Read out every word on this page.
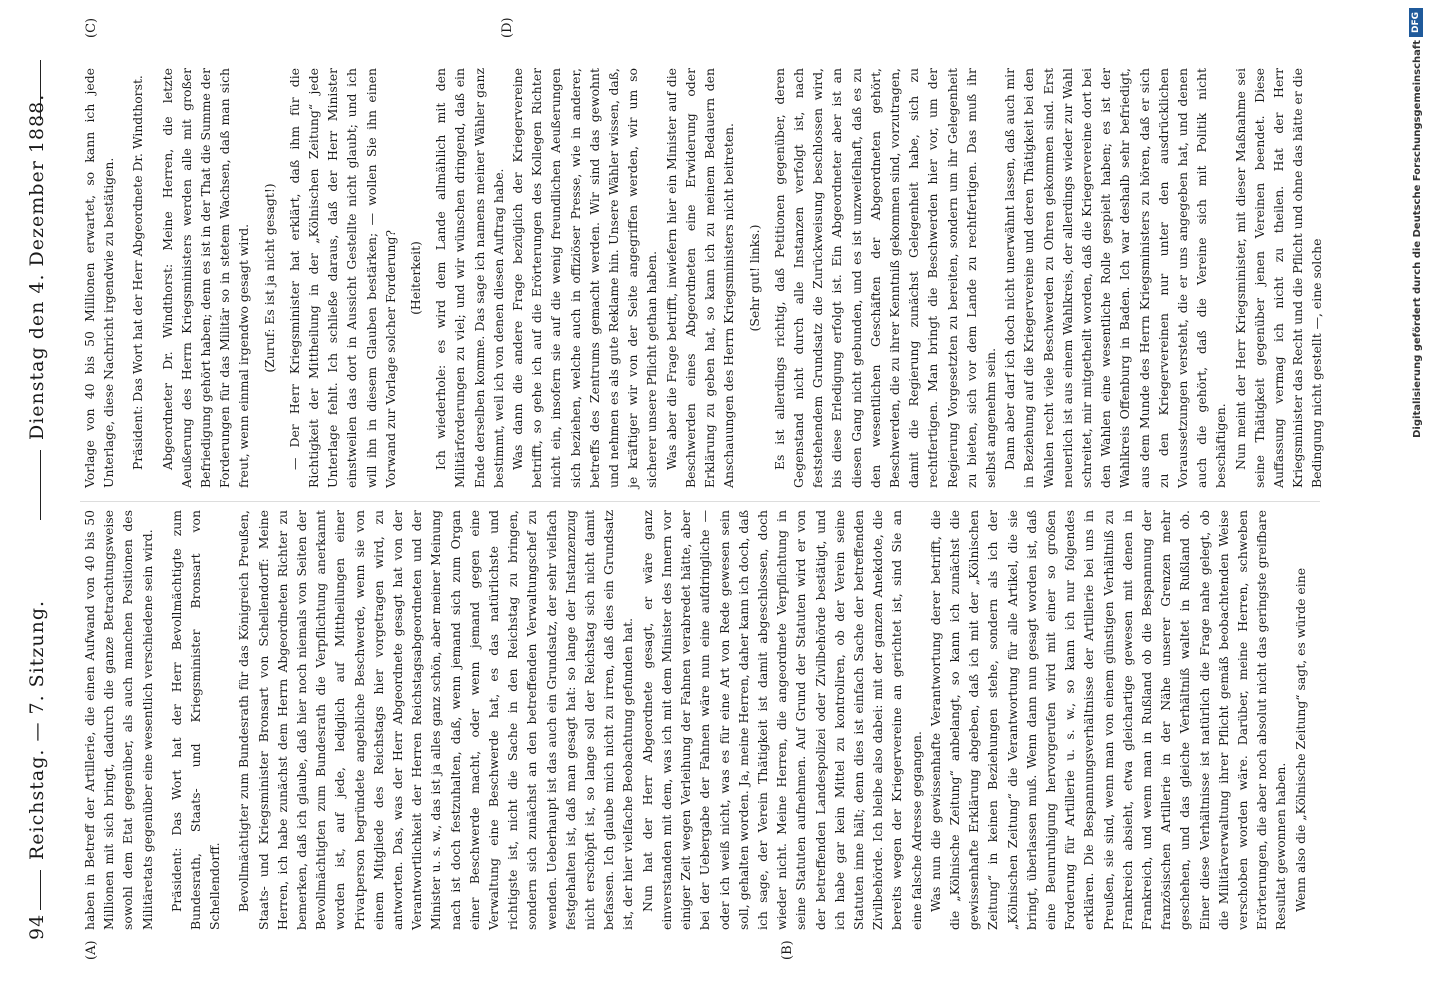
94
Reichstag. — 7. Sitzung.
Dienstag den 4. Dezember 1888.
(A)	(B)
(C)	(D)

haben in Betreff der Artillerie, die einen Aufwand von 40 bis 50 Millionen mit sich bringt, dadurch die ganze Betrachtungsweise sowohl dem Etat gegenüber, als auch manchen Positionen des Militäretats gegenüber eine wesentlich verschiedene sein wird. Präsident: Das Wort hat der Herr Bevollmächtigte zum Bundesrath, Staats- und Kriegsminister Bronsart von Schellendorff. Bevollmächtigter zum Bundesrath für das Königreich Preußen, Staats- und Kriegsminister Bronsart von Schellendorff: Meine Herren, ich habe zunächst dem Herrn Abgeordneten Richter zu bemerken, daß ich glaube, daß hier noch niemals von Seiten der Bevollmächtigten zum Bundesrath die Verpflichtung anerkannt worden ist, auf jede, lediglich auf Mittheilungen einer Privatperson begründete angebliche Beschwerde, wenn sie von einem Mitgliede des Reichstags hier vorgetragen wird, zu antworten. Das, was der Herr Abgeordnete gesagt hat von der Verantwortlichkeit der Herren Reichstagsabgeordneten und der Minister u. s. w., das ist ja alles ganz schön, aber meiner Meinung nach ist doch festzuhalten, daß, wenn jemand sich zum Organ einer Beschwerde macht, oder wenn jemand gegen eine Verwaltung eine Beschwerde hat, es das natürlichste und richtigste ist, nicht die Sache in den Reichstag zu bringen, sondern sich zunächst an den betreffenden Verwaltungschef zu wenden. Ueberhaupt ist das auch ein Grundsatz, der sehr vielfach festgehalten ist, daß man gesagt hat: so lange der Instanzenzug nicht erschöpft ist, so lange soll der Reichstag sich nicht damit befassen. Ich glaube mich nicht zu irren, daß dies ein Grundsatz ist, der hier vielfache Beobachtung gefunden hat. Nun hat der Herr Abgeordnete gesagt, er wäre ganz einverstanden mit dem, was ich mit dem Minister des Innern vor einiger Zeit wegen Verleihung der Fahnen verabredet hätte, aber bei der Uebergabe der Fahnen wäre nun eine aufdringliche — oder ich weiß nicht, was es für eine Art von Rede gewesen sein soll, gehalten worden. Ja, meine Herren, daher kann ich doch, daß ich sage, der Verein Thätigkeit ist damit abgeschlossen, doch wieder nicht. Meine Herren, die angeordnete Verpflichtung in seine Statuten aufnehmen. Auf Grund der Statuten wird er von der betreffenden Landespolizei oder Zivilbehörde bestätigt, und ich habe gar kein Mittel zu kontroliren, ob der Verein seine Statuten inne hält; denn dies ist einfach Sache der betreffenden Zivilbehörde. Ich bleibe also dabei: mit der ganzen Anekdote, die bereits wegen der Kriegervereine an gerichtet ist, sind Sie an eine falsche Adresse gegangen. Was nun die gewissenhafte Verantwortung derer betrifft, die die „Kölnische Zeitung“ anbelangt, so kann ich zunächst die gewissenhafte Erklärung abgeben, daß ich mit der „Kölnischen Zeitung“ in keinen Beziehungen stehe, sondern als ich der „Kölnischen Zeitung“ die Verantwortung für alle Artikel, die sie bringt, überlassen muß. Wenn dann nun gesagt worden ist, daß eine Beunruhigung hervorgerufen wird mit einer so großen Forderung für Artillerie u. s. w., so kann ich nur folgendes erklären. Die Bespannungsverhältnisse der Artillerie bei uns in Preußen, sie sind, wenn man von einem günstigen Verhältniß zu Frankreich absieht, etwa gleichartige gewesen mit denen in Frankreich, und wenn man in Rußland ob die Bespannung der französischen Artillerie in der Nähe unserer Grenzen mehr geschehen, und das gleiche Verhältniß waltet in Rußland ob. Einer diese Verhältnisse ist natürlich die Frage nahe gelegt, ob die Militärverwaltung ihrer Pflicht gemäß beobachtenden Weise verschoben worden wäre. Darüber, meine Herren, schweben Erörterungen, die aber noch absolut nicht das geringste greifbare Resultat gewonnen haben. Wenn also die „Kölnische Zeitung“ sagt, es würde eine

Vorlage von 40 bis 50 Millionen erwartet, so kann ich jede Unterlage, diese Nachricht irgendwie zu bestätigen. Präsident: Das Wort hat der Herr Abgeordnete Dr. Windthorst. Abgeordneter Dr. Windthorst: Meine Herren, die letzte Aeußerung des Herrn Kriegsministers werden alle mit großer Befriedigung gehört haben; denn es ist in der That die Summe der Forderungen für das Militär so in stetem Wachsen, daß man sich freut, wenn einmal irgendwo gesagt wird. (Zuruf: Es ist ja nicht gesagt!) — Der Herr Kriegsminister hat erklärt, daß ihm für die Richtigkeit der Mittheilung in der „Kölnischen Zeitung“ jede Unterlage fehlt. Ich schließe daraus, daß der Herr Minister einstweilen das dort in Aussicht Gestellte nicht glaubt; und ich will ihn in diesem Glauben bestärken; — wollen Sie ihn einen Vorwand zur Vorlage solcher Forderung? (Heiterkeit) Ich wiederhole: es wird dem Lande allmählich mit den Militärforderungen zu viel; und wir wünschen dringend, daß ein Ende derselben komme. Das sage ich namens meiner Wähler ganz bestimmt, weil ich von denen diesen Auftrag habe. Was dann die andere Frage bezüglich der Kriegervereine betrifft, so gehe ich auf die Erörterungen des Kollegen Richter nicht ein, insofern sie auf die wenig freundlichen Aeußerungen sich beziehen, welche auch in offiziöser Presse, wie in anderer, betreffs des Zentrums gemacht werden. Wir sind das gewohnt und nehmen es als gute Reklame hin. Unsere Wähler wissen, daß, je kräftiger wir von der Seite angegriffen werden, wir um so sicherer unsere Pflicht gethan haben. Was aber die Frage betrifft, inwiefern hier ein Minister auf die Beschwerden eines Abgeordneten eine Erwiderung oder Erklärung zu geben hat, so kann ich zu meinem Bedauern den Anschauungen des Herrn Kriegsministers nicht beitreten. (Sehr gut! links.) Es ist allerdings richtig, daß Petitionen gegenüber, deren Gegenstand nicht durch alle Instanzen verfolgt ist, nach feststehendem Grundsatz die Zurückweisung beschlossen wird, bis diese Erledigung erfolgt ist. Ein Abgeordneter aber ist an diesen Gang nicht gebunden, und es ist unzweifelhaft, daß es zu den wesentlichen Geschäften der Abgeordneten gehört, Beschwerden, die zu ihrer Kenntniß gekommen sind, vorzutragen, damit die Regierung zunächst Gelegenheit habe, sich zu rechtfertigen. Man bringt die Beschwerden hier vor, um der Regierung Vorgesetzten zu bereiten, sondern um ihr Gelegenheit zu bieten, sich vor dem Lande zu rechtfertigen. Das muß ihr selbst angenehm sein. Dann aber darf ich doch nicht unerwähnt lassen, daß auch mir in Beziehung auf die Kriegervereine und deren Thätigkeit bei den Wahlen recht viele Beschwerden zu Ohren gekommen sind. Erst neuerlich ist aus einem Wahlkreis, der allerdings wieder zur Wahl schreitet, mir mitgetheilt worden, daß die Kriegervereine dort bei den Wahlen eine wesentliche Rolle gespielt haben; es ist der Wahlkreis Offenburg in Baden. Ich war deshalb sehr befriedigt, aus dem Munde des Herrn Kriegsministers zu hören, daß er sich zu den Kriegervereinen nur unter den ausdrücklichen Voraussetzungen versteht, die er uns angegeben hat, und denen auch die gehört, daß die Vereine sich mit Politik nicht beschäftigen. Nun meint der Herr Kriegsminister, mit dieser Maßnahme sei seine Thätigkeit gegenüber jenen Vereinen beendet. Diese Auffassung vermag ich nicht zu theilen. Hat der Herr Kriegsminister das Recht und die Pflicht und ohne das hätte er die Bedingung nicht gestellt —, eine solche	Digitalisierung gefördert durch die Deutsche Forschungsgemeinschaft
DFG
